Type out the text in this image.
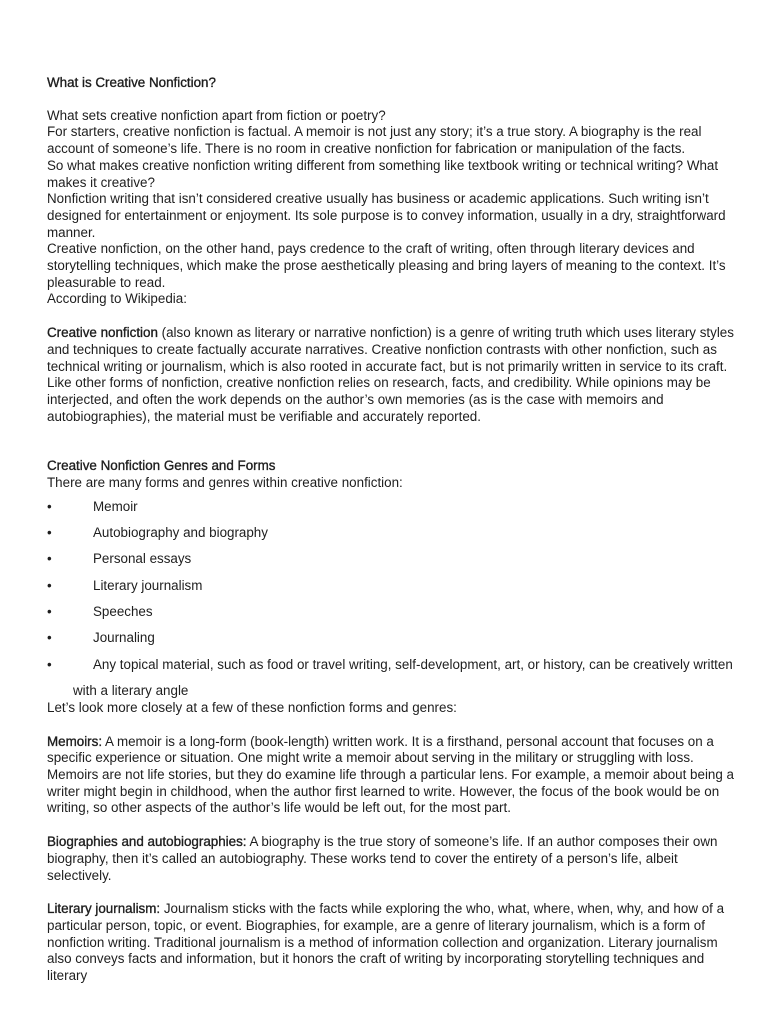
What is Creative Nonfiction?

What sets creative nonfiction apart from fiction or poetry?

For starters, creative nonfiction is factual. A memoir is not just any story; it’s a true story. A biography is the real account of someone’s life. There is no room in creative nonfiction for fabrication or manipulation of the facts.

So what makes creative nonfiction writing different from something like textbook writing or technical writing? What makes it creative?

Nonfiction writing that isn’t considered creative usually has business or academic applications. Such writing isn’t designed for entertainment or enjoyment. Its sole purpose is to convey information, usually in a dry, straightforward manner.

Creative nonfiction, on the other hand, pays credence to the craft of writing, often through literary devices and storytelling techniques, which make the prose aesthetically pleasing and bring layers of meaning to the context. It’s pleasurable to read.

According to Wikipedia:

Creative nonfiction (also known as literary or narrative nonfiction) is a genre of writing truth which uses literary styles and techniques to create factually accurate narratives. Creative nonfiction contrasts with other nonfiction, such as technical writing or journalism, which is also rooted in accurate fact, but is not primarily written in service to its craft. Like other forms of nonfiction, creative nonfiction relies on research, facts, and credibility. While opinions may be interjected, and often the work depends on the author’s own memories (as is the case with memoirs and autobiographies), the material must be verifiable and accurately reported.

Creative Nonfiction Genres and Forms

There are many forms and genres within creative nonfiction:

•	Memoir
•	Autobiography and biography
•	Personal essays
•	Literary journalism
•	Speeches
•	Journaling
•	Any topical material, such as food or travel writing, self-development, art, or history, can be creatively written
with a literary angle

Let’s look more closely at a few of these nonfiction forms and genres:

Memoirs: A memoir is a long-form (book-length) written work. It is a firsthand, personal account that focuses on a specific experience or situation. One might write a memoir about serving in the military or struggling with loss. Memoirs are not life stories, but they do examine life through a particular lens. For example, a memoir about being a writer might begin in childhood, when the author first learned to write. However, the focus of the book would be on writing, so other aspects of the author’s life would be left out, for the most part.

Biographies and autobiographies: A biography is the true story of someone’s life. If an author composes their own biography, then it’s called an autobiography. These works tend to cover the entirety of a person’s life, albeit selectively.

Literary journalism: Journalism sticks with the facts while exploring the who, what, where, when, why, and how of a particular person, topic, or event. Biographies, for example, are a genre of literary journalism, which is a form of nonfiction writing. Traditional journalism is a method of information collection and organization. Literary journalism also conveys facts and information, but it honors the craft of writing by incorporating storytelling techniques and literary
